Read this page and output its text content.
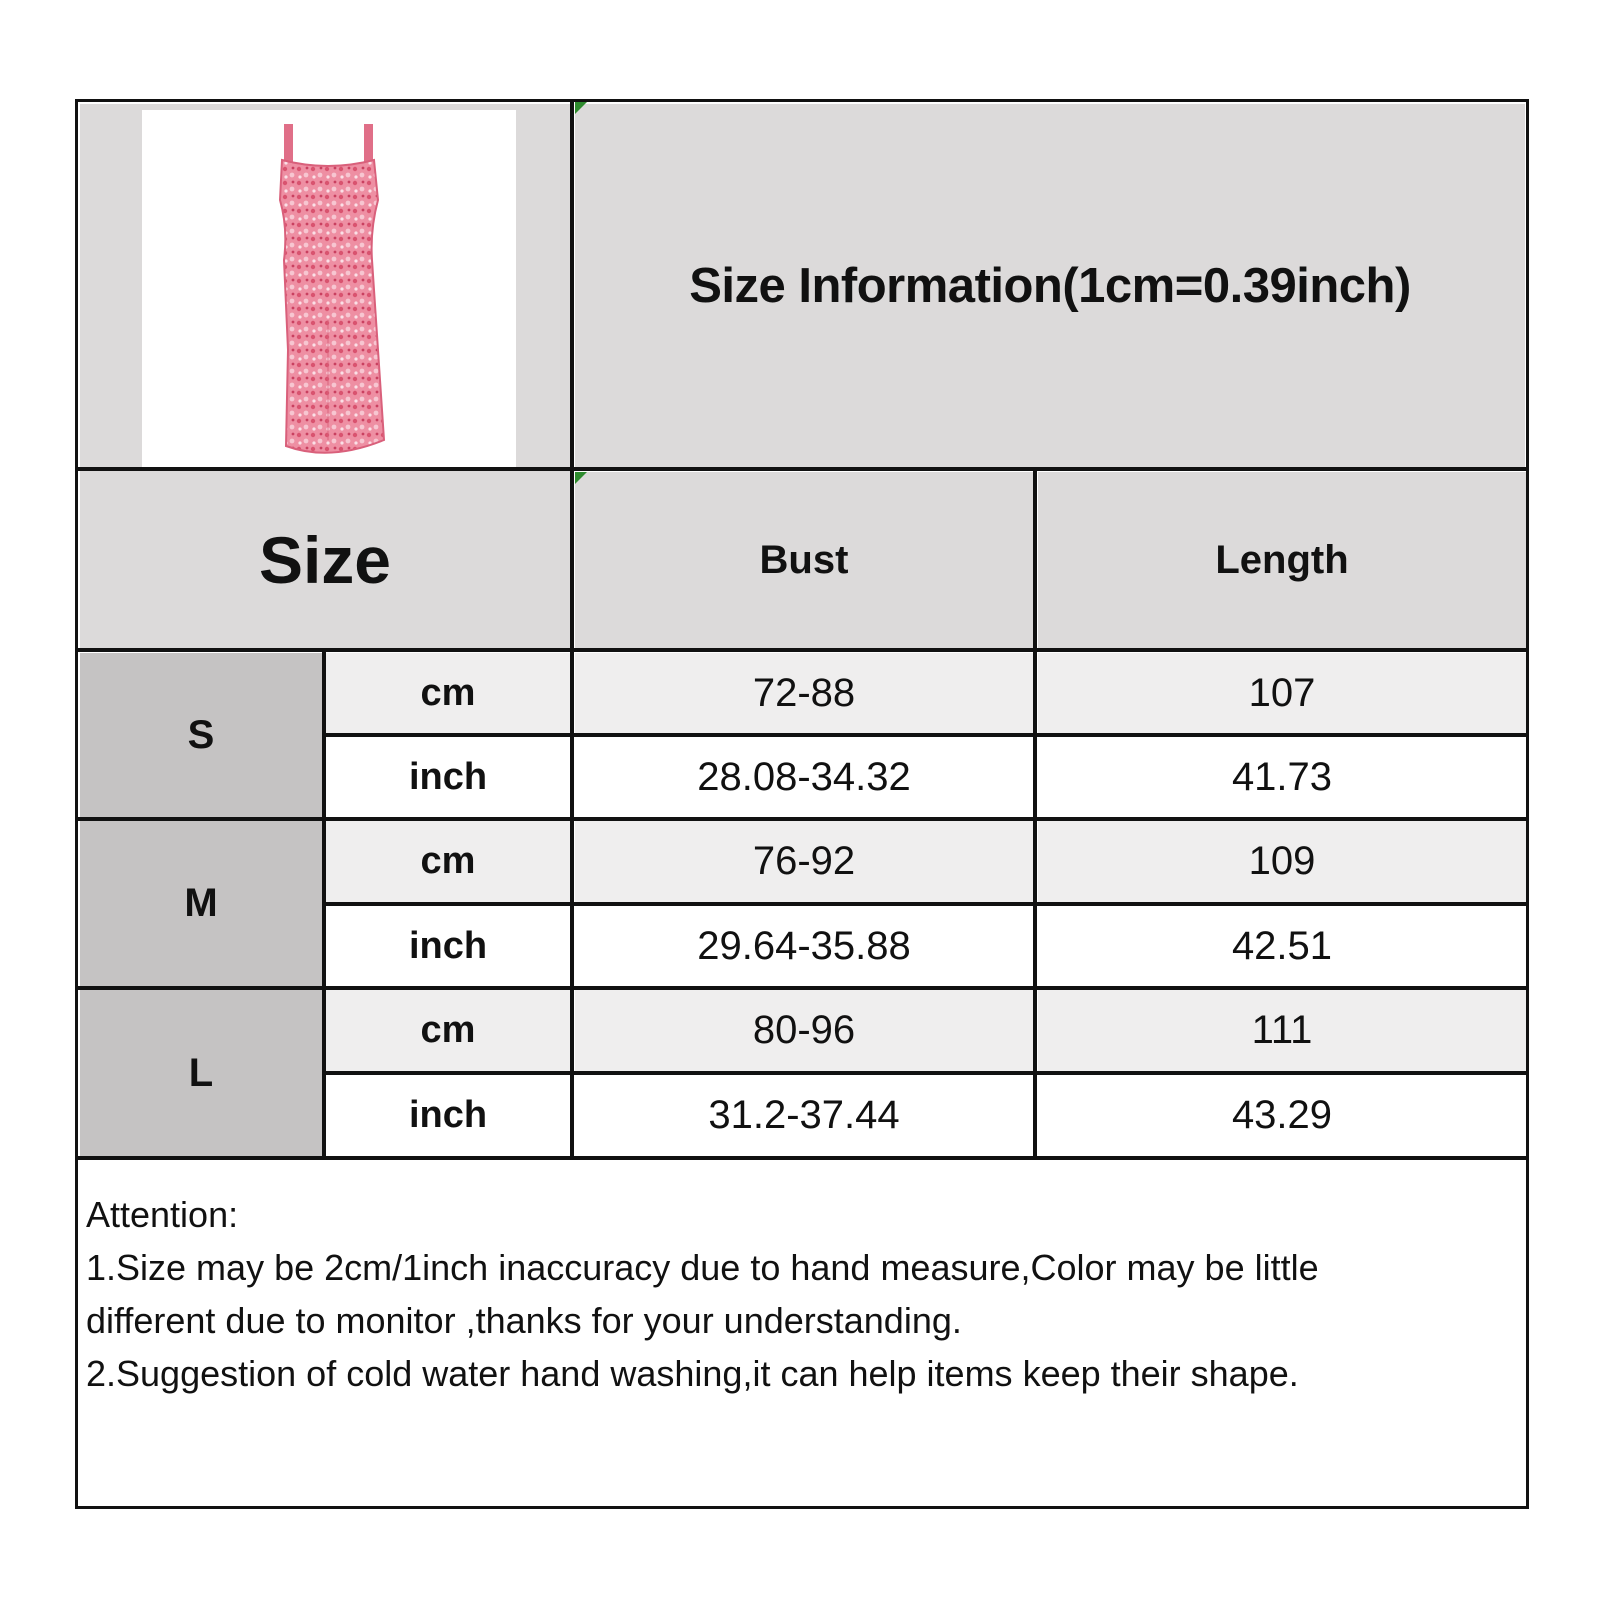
Size Information(1cm=0.39inch)
Size	Bust	Length
S
cm	72-88	107
inch	28.08-34.32	41.73
M
cm	76-92	109
inch	29.64-35.88	42.51
L
cm	80-96	111
inch	31.2-37.44	43.29
Attention:
1.Size may be 2cm/1inch inaccuracy due to hand measure,Color may be little
different due to monitor ,thanks for your understanding.
2.Suggestion of cold water hand washing,it can help items keep their shape.
